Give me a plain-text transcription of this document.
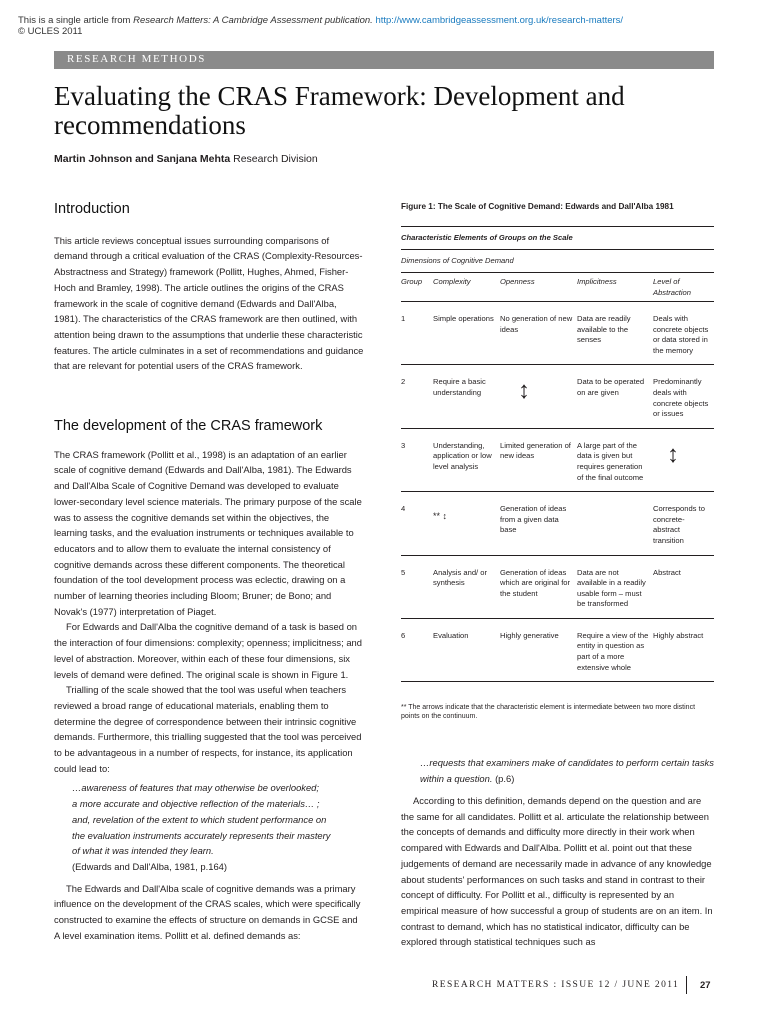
This is a single article from Research Matters: A Cambridge Assessment publication. http://www.cambridgeassessment.org.uk/research-matters/
© UCLES 2011
RESEARCH METHODS
Evaluating the CRAS Framework: Development and recommendations
Martin Johnson and Sanjana Mehta Research Division
Introduction

This article reviews conceptual issues surrounding comparisons of demand through a critical evaluation of the CRAS (Complexity-Resources-Abstractness and Strategy) framework (Pollitt, Hughes, Ahmed, Fisher-Hoch and Bramley, 1998). The article outlines the origins of the CRAS framework in the scale of cognitive demand (Edwards and Dall'Alba, 1981). The characteristics of the CRAS framework are then outlined, with attention being drawn to the assumptions that underlie these characteristic features. The article culminates in a set of recommendations and guidance that are relevant for potential users of the CRAS framework.

The development of the CRAS framework

The CRAS framework (Pollitt et al., 1998) is an adaptation of an earlier scale of cognitive demand (Edwards and Dall'Alba, 1981). The Edwards and Dall'Alba Scale of Cognitive Demand was developed to evaluate lower-secondary level science materials. The primary purpose of the scale was to assess the cognitive demands set within the objectives, the learning tasks, and the evaluation instruments or techniques available to educators and to allow them to evaluate the internal consistency of cognitive demands across these different components. The theoretical foundation of the tool development process was eclectic, drawing on a number of learning theories including Bloom; Bruner; de Bono; and Novak's (1977) interpretation of Piaget.

For Edwards and Dall'Alba the cognitive demand of a task is based on the interaction of four dimensions: complexity; openness; implicitness; and level of abstraction. Moreover, within each of these four dimensions, six levels of demand were defined. The original scale is shown in Figure 1.

Trialling of the scale showed that the tool was useful when teachers reviewed a broad range of educational materials, enabling them to determine the degree of correspondence between their intrinsic cognitive demands. Furthermore, this trialling suggested that the tool was perceived to be advantageous in a number of respects, for instance, its application could lead to:

…awareness of features that may otherwise be overlooked;
a more accurate and objective reflection of the materials… ;
and, revelation of the extent to which student performance on
the evaluation instruments accurately represents their mastery
of what it was intended they learn.
(Edwards and Dall'Alba, 1981, p.164)

The Edwards and Dall'Alba scale of cognitive demands was a primary influence on the development of the CRAS scales, which were specifically constructed to examine the effects of structure on demands in GCSE and A level examination items. Pollitt et al. defined demands as:

Figure 1: The Scale of Cognitive Demand: Edwards and Dall'Alba 1981
Characteristic Elements of Groups on the Scale				
Dimensions of Cognitive Demand				
Group	Complexity	Openness	Implicitness	Level of Abstraction
1	Simple operations	No generation of new ideas	Data are readily available to the senses	Deals with concrete objects or data stored in the memory
2	Require a basic understanding	↕	Data to be operated on are given	Predominantly deals with concrete objects or issues
3	Understanding, application or low level analysis	Limited generation of new ideas	A large part of the data is given but requires generation of the final outcome	↕
4	** ↕	Generation of ideas from a given data base		Corresponds to concrete-abstract transition
5	Analysis and/ or synthesis	Generation of ideas which are original for the student	Data are not available in a readily usable form – must be transformed	Abstract
6	Evaluation	Highly generative	Require a view of the entity in question as part of a more extensive whole	Highly abstract
** The arrows indicate that the characteristic element is intermediate between two more distinct points on the continuum.
…requests that examiners make of candidates to perform certain tasks within a question. (p.6)
According to this definition, demands depend on the question and are the same for all candidates. Pollitt et al. articulate the relationship between the concepts of demands and difficulty more directly in their work when compared with Edwards and Dall'Alba. Pollitt et al. point out that these judgements of demand are necessarily made in advance of any knowledge about students' performances on such tasks and stand in contrast to their concept of difficulty. For Pollitt et al., difficulty is represented by an empirical measure of how successful a group of students are on an item. In contrast to demand, which has no statistical indicator, difficulty can be explored through statistical techniques such as
RESEARCH MATTERS : ISSUE 12 / JUNE 2011 27
